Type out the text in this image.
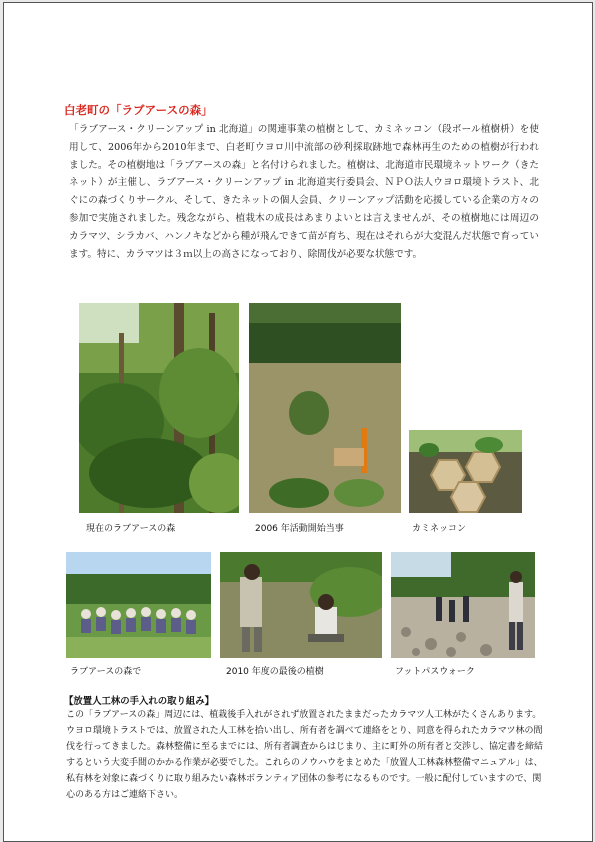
白老町の「ラブアースの森」
「ラブアース・クリーンアップ in 北海道」の関連事業の植樹として、カミネッコン（段ボール植樹枡）を使用して、2006年から2010年まで、白老町ウヨロ川中流部の砂利採取跡地で森林再生のための植樹が行われました。その植樹地は「ラブアースの森」と名付けられました。植樹は、北海道市民環境ネットワーク（きたネット）が主催し、ラブアース・クリーンアップ in 北海道実行委員会、ＮＰＯ法人ウヨロ環境トラスト、北ぐにの森づくりサークル、そして、きたネットの個人会員、クリーンアップ活動を応援している企業の方々の参加で実施されました。残念ながら、植栽木の成長はあまりよいとは言えませんが、その植樹地には周辺のカラマツ、シラカバ、ハンノキなどから種が飛んできて苗が育ち、現在はそれらが大変混んだ状態で育っています。特に、カラマツは３ｍ以上の高さになっており、除間伐が必要な状態です。
現在のラブアースの森	2006 年活動開始当事	カミネッコン
ラブアースの森で	2010 年度の最後の植樹	フットパスウォーク
【放置人工林の手入れの取り組み】
この「ラブアースの森」周辺には、植栽後手入れがされず放置されたままだったカラマツ人工林がたくさんあります。ウヨロ環境トラストでは、放置された人工林を拾い出し、所有者を調べて連絡をとり、同意を得られたカラマツ林の間伐を行ってきました。森林整備に至るまでには、所有者調査からはじまり、主に町外の所有者と交渉し、協定書を締結するという大変手間のかかる作業が必要でした。これらのノウハウをまとめた「放置人工林森林整備マニュアル」は、私有林を対象に森づくりに取り組みたい森林ボランティア団体の参考になるものです。一般に配付していますので、関心のある方はご連絡下さい。
